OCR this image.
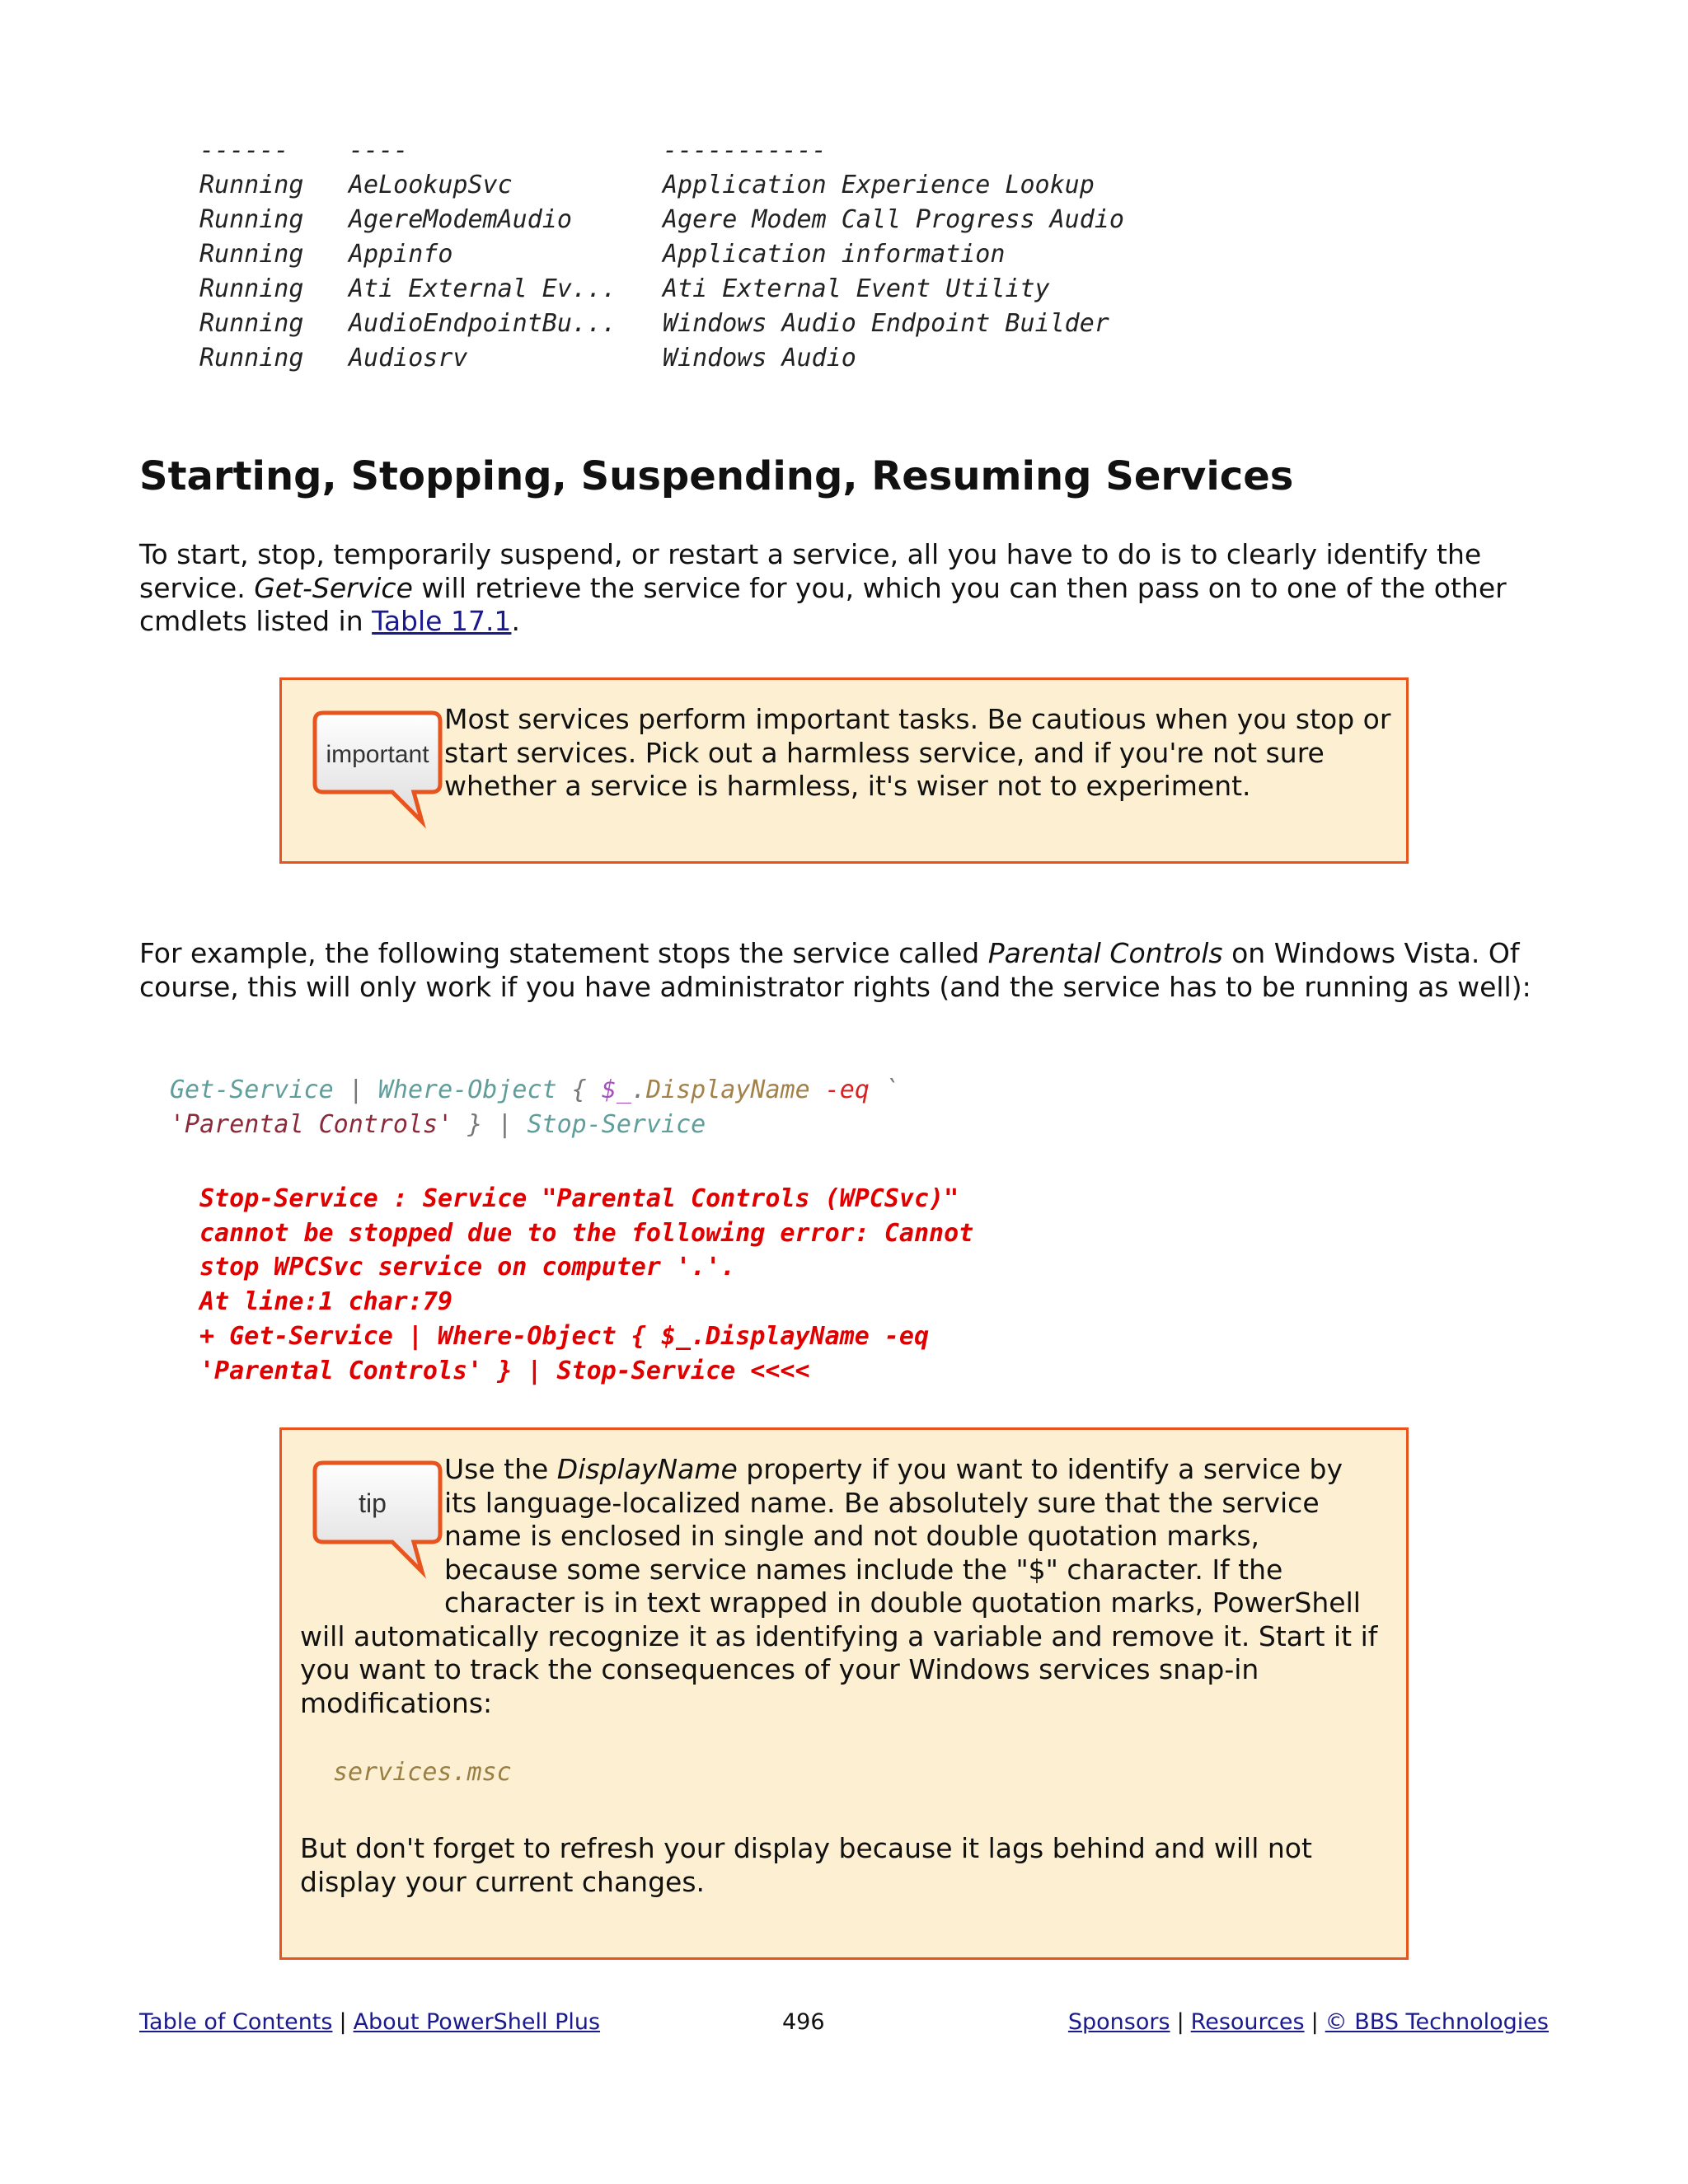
------	----	-----------
Running	AeLookupSvc	Application Experience Lookup
Running	AgereModemAudio	Agere Modem Call Progress Audio
Running	Appinfo	Application information
Running	Ati External Ev...	Ati External Event Utility
Running	AudioEndpointBu...	Windows Audio Endpoint Builder
Running	Audiosrv	Windows Audio
Starting, Stopping, Suspending, Resuming Services

To start, stop, temporarily suspend, or restart a service, all you have to do is to clearly identify the service. Get-Service will retrieve the service for you, which you can then pass on to one of the other cmdlets listed in Table 17.1.

important
Most services perform important tasks. Be cautious when you stop or start services. Pick out a harmless service, and if you're not sure whether a service is harmless, it's wiser not to experiment.

For example, the following statement stops the service called Parental Controls on Windows Vista. Of course, this will only work if you have administrator rights (and the service has to be running as well):

Get-Service | Where-Object { $_.DisplayName -eq `
'Parental Controls' } | Stop-Service
Stop-Service : Service "Parental Controls (WPCSvc)"
cannot be stopped due to the following error: Cannot
stop WPCSvc service on computer '.'.
At line:1 char:79
+ Get-Service | Where-Object { $_.DisplayName -eq
'Parental Controls' } | Stop-Service <<<<
tip
Use the DisplayName property if you want to identify a service by its language-localized name. Be absolutely sure that the service name is enclosed in single and not double quotation marks, because some service names include the "$" character. If the character is in text wrapped in double quotation marks, PowerShell will automatically recognize it as identifying a variable and remove it. Start it if you want to track the consequences of your Windows services snap-in modifications:
services.msc
But don't forget to refresh your display because it lags behind and will not display your current changes.
Table of Contents | About PowerShell Plus	496	Sponsors | Resources | © BBS Technologies
